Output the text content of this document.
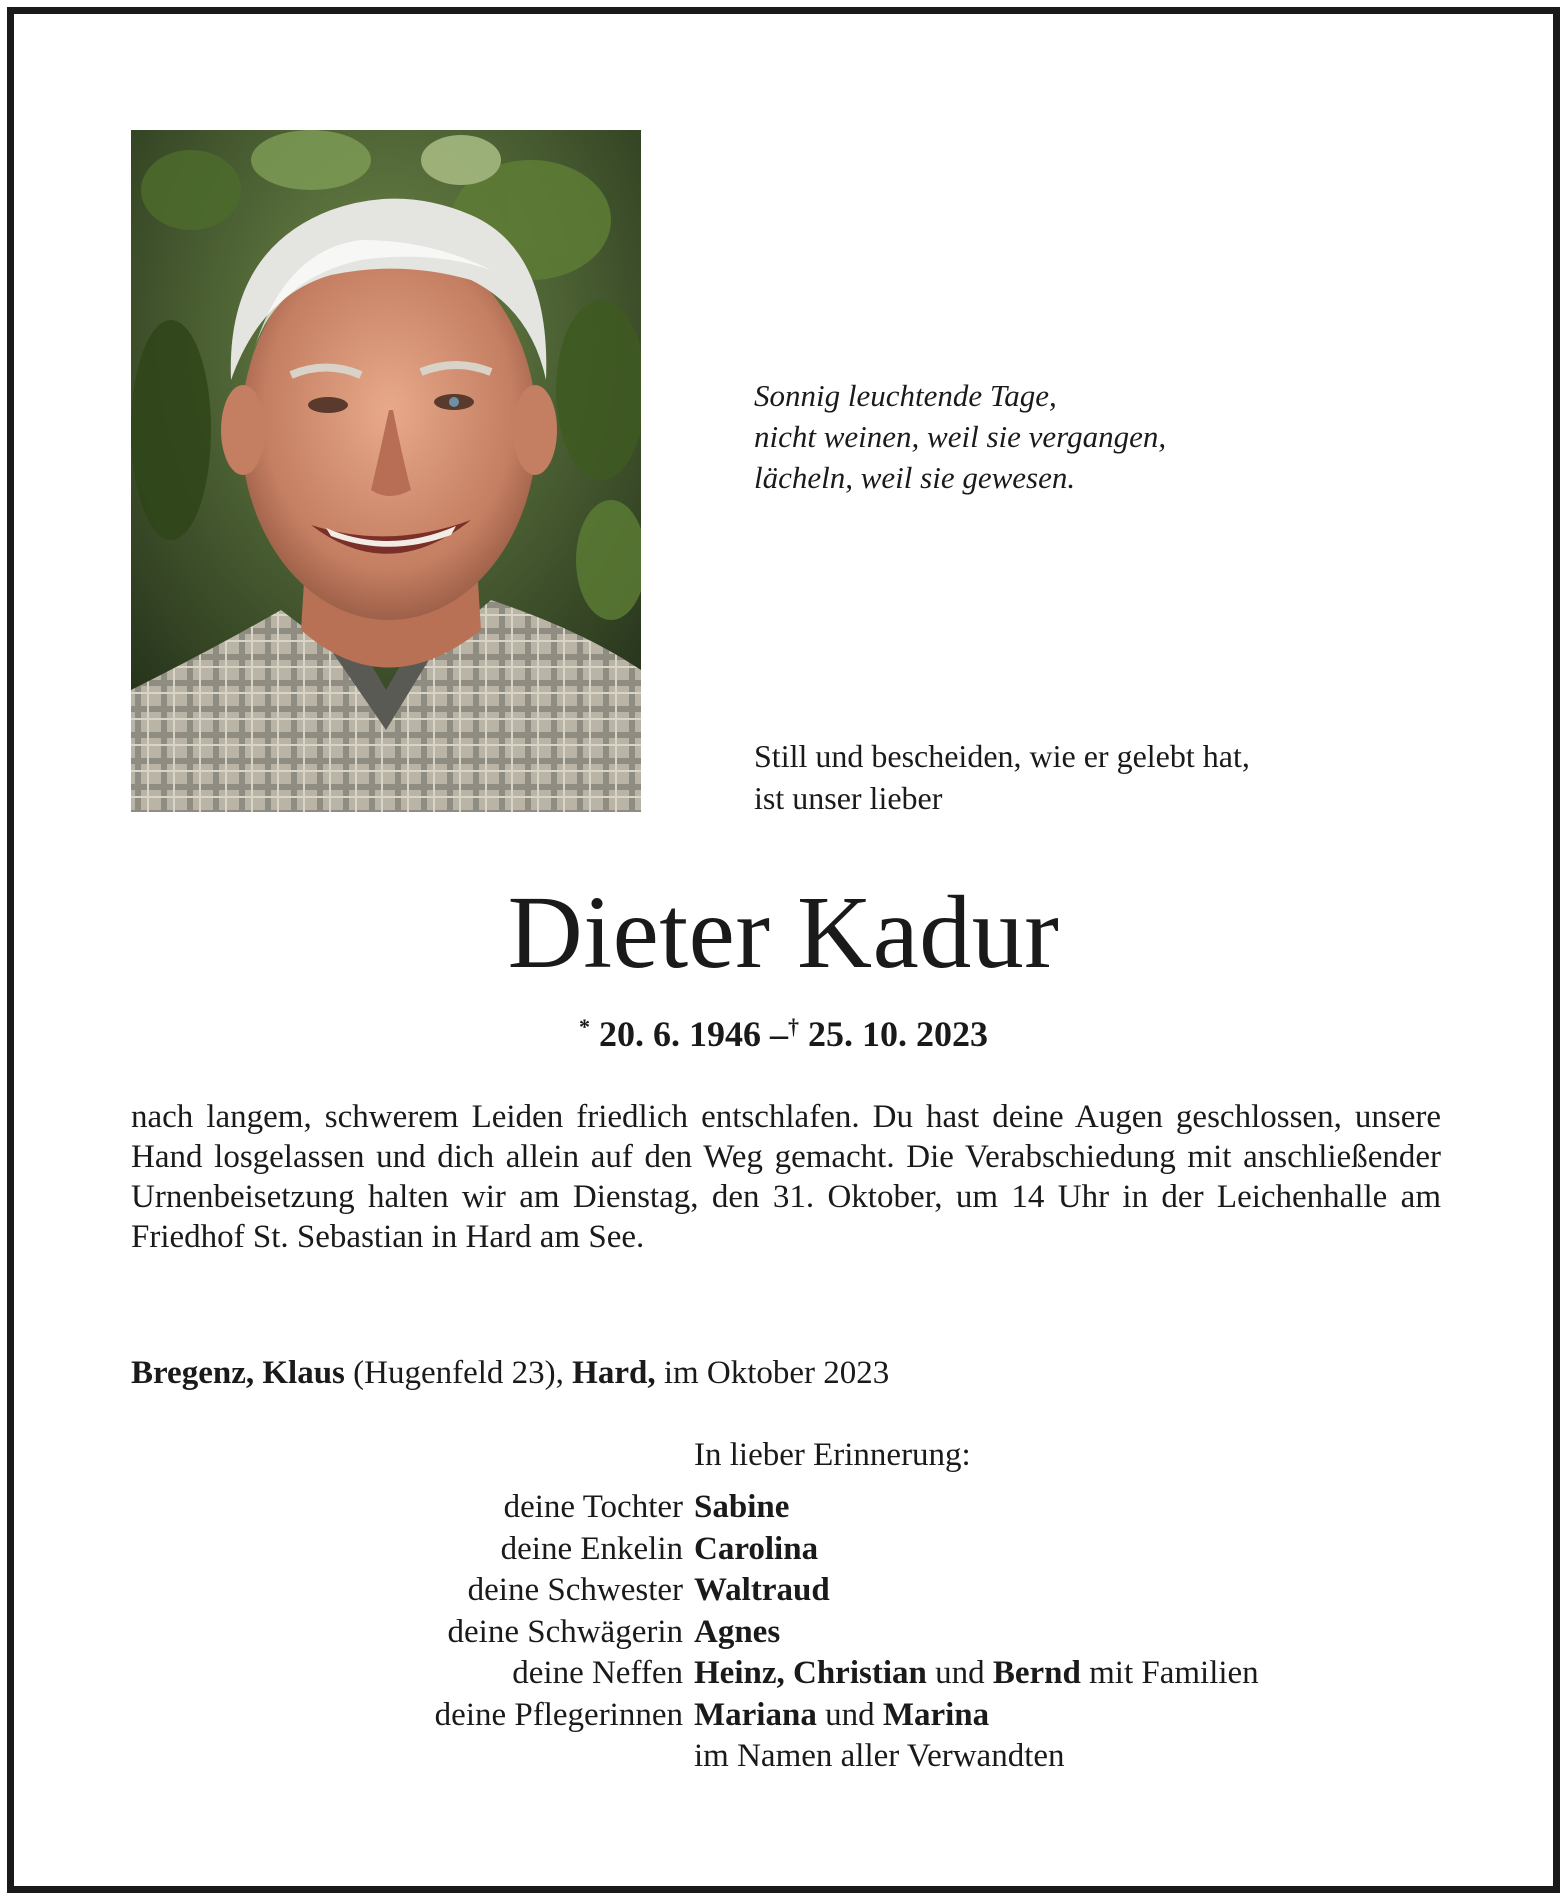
Sonnig leuchtende Tage,
nicht weinen, weil sie vergangen,
lächeln, weil sie gewesen.
Still und bescheiden, wie er gelebt hat,
ist unser lieber
Dieter Kadur
* 20. 6. 1946 –† 25. 10. 2023
nach langem, schwerem Leiden friedlich entschlafen. Du hast deine Augen geschlossen, unsere Hand losgelassen und dich allein auf den Weg gemacht. Die Verabschiedung mit anschließender Urnenbeisetzung halten wir am Dienstag, den 31. Oktober, um 14 Uhr in der Leichenhalle am Friedhof St. Sebastian in Hard am See.
Bregenz, Klaus (Hugenfeld 23), Hard, im Oktober 2023
In lieber Erinnerung:
deine Tochter Sabine
deine Enkelin Carolina
deine Schwester Waltraud
deine Schwägerin Agnes
deine Neffen Heinz, Christian und Bernd mit Familien
deine Pflegerinnen Mariana und Marina
im Namen aller Verwandten
